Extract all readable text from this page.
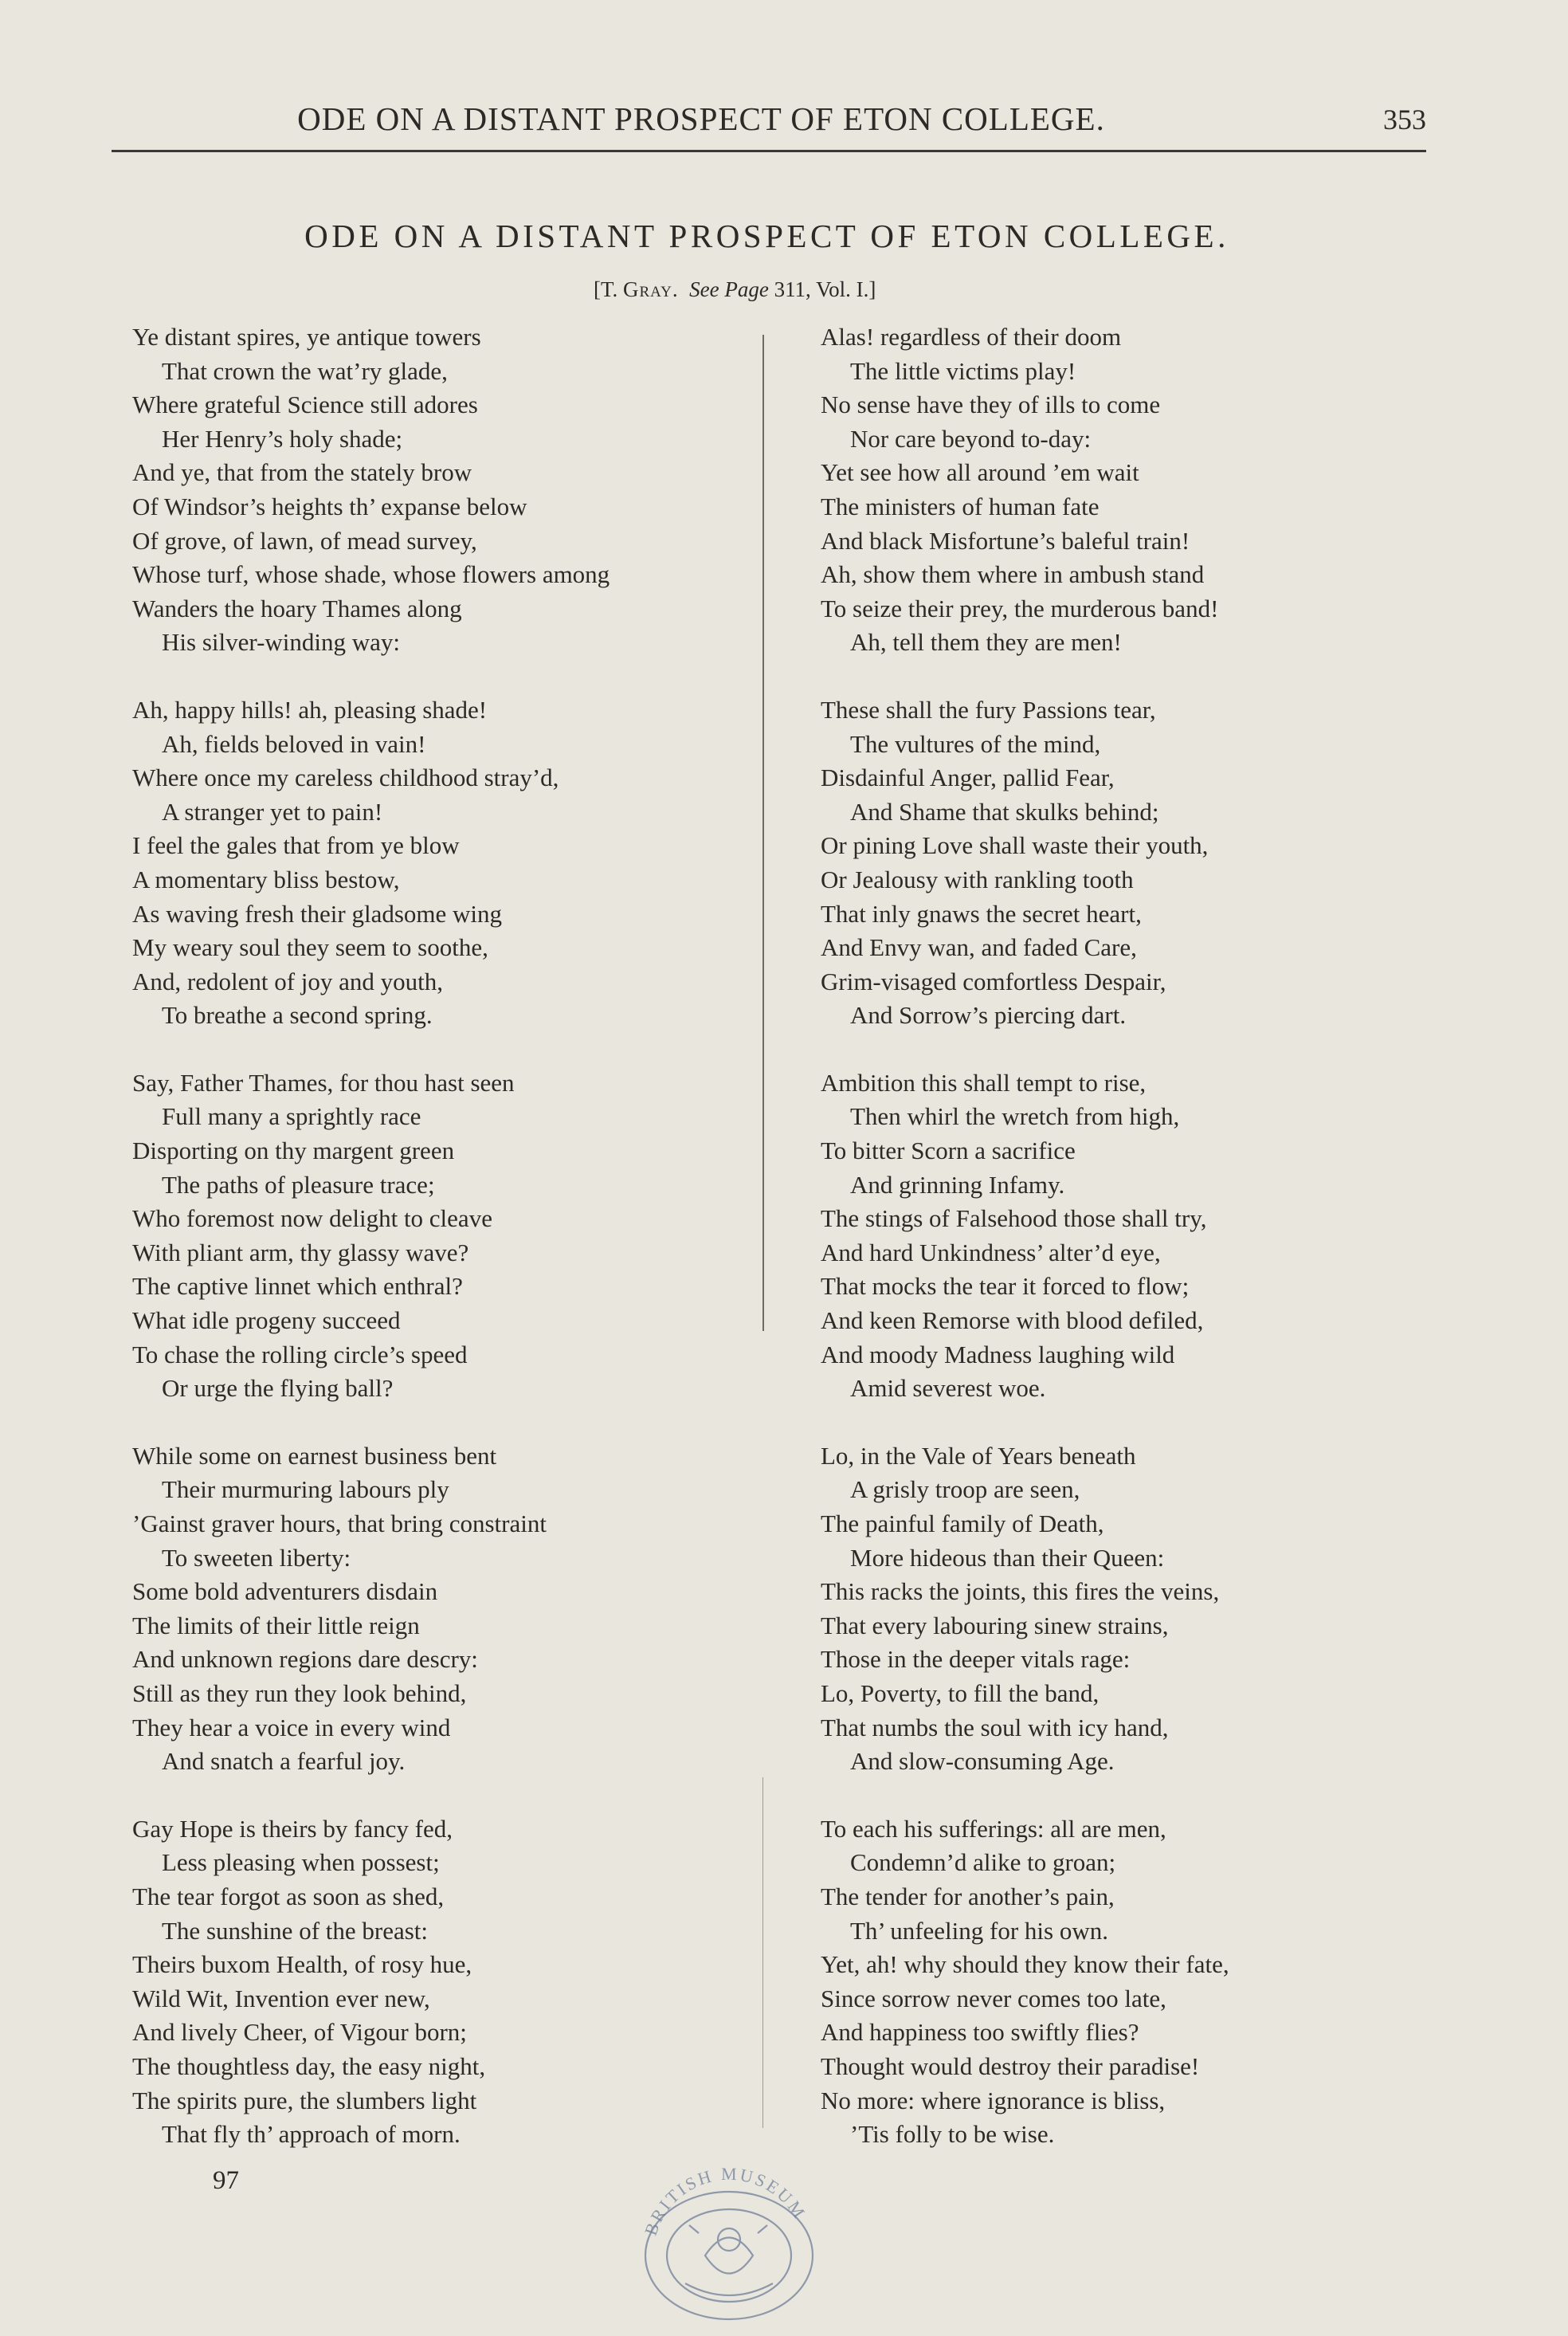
ODE ON A DISTANT PROSPECT OF ETON COLLEGE.	353
ODE ON A DISTANT PROSPECT OF ETON COLLEGE.
[T. Gray. See Page 311, Vol. I.]
Ye distant spires, ye antique towers
That crown the wat’ry glade,
Where grateful Science still adores
Her Henry’s holy shade;
And ye, that from the stately brow
Of Windsor’s heights th’ expanse below
Of grove, of lawn, of mead survey,
Whose turf, whose shade, whose flowers among
Wanders the hoary Thames along
His silver-winding way:
Ah, happy hills! ah, pleasing shade!
Ah, fields beloved in vain!
Where once my careless childhood stray’d,
A stranger yet to pain!
I feel the gales that from ye blow
A momentary bliss bestow,
As waving fresh their gladsome wing
My weary soul they seem to soothe,
And, redolent of joy and youth,
To breathe a second spring.
Say, Father Thames, for thou hast seen
Full many a sprightly race
Disporting on thy margent green
The paths of pleasure trace;
Who foremost now delight to cleave
With pliant arm, thy glassy wave?
The captive linnet which enthral?
What idle progeny succeed
To chase the rolling circle’s speed
Or urge the flying ball?
While some on earnest business bent
Their murmuring labours ply
’Gainst graver hours, that bring constraint
To sweeten liberty:
Some bold adventurers disdain
The limits of their little reign
And unknown regions dare descry:
Still as they run they look behind,
They hear a voice in every wind
And snatch a fearful joy.
Gay Hope is theirs by fancy fed,
Less pleasing when possest;
The tear forgot as soon as shed,
The sunshine of the breast:
Theirs buxom Health, of rosy hue,
Wild Wit, Invention ever new,
And lively Cheer, of Vigour born;
The thoughtless day, the easy night,
The spirits pure, the slumbers light
That fly th’ approach of morn.
Alas! regardless of their doom
The little victims play!
No sense have they of ills to come
Nor care beyond to-day:
Yet see how all around ’em wait
The ministers of human fate
And black Misfortune’s baleful train!
Ah, show them where in ambush stand
To seize their prey, the murderous band!
Ah, tell them they are men!
These shall the fury Passions tear,
The vultures of the mind,
Disdainful Anger, pallid Fear,
And Shame that skulks behind;
Or pining Love shall waste their youth,
Or Jealousy with rankling tooth
That inly gnaws the secret heart,
And Envy wan, and faded Care,
Grim-visaged comfortless Despair,
And Sorrow’s piercing dart.
Ambition this shall tempt to rise,
Then whirl the wretch from high,
To bitter Scorn a sacrifice
And grinning Infamy.
The stings of Falsehood those shall try,
And hard Unkindness’ alter’d eye,
That mocks the tear it forced to flow;
And keen Remorse with blood defiled,
And moody Madness laughing wild
Amid severest woe.
Lo, in the Vale of Years beneath
A grisly troop are seen,
The painful family of Death,
More hideous than their Queen:
This racks the joints, this fires the veins,
That every labouring sinew strains,
Those in the deeper vitals rage:
Lo, Poverty, to fill the band,
That numbs the soul with icy hand,
And slow-consuming Age.
To each his sufferings: all are men,
Condemn’d alike to groan;
The tender for another’s pain,
Th’ unfeeling for his own.
Yet, ah! why should they know their fate,
Since sorrow never comes too late,
And happiness too swiftly flies?
Thought would destroy their paradise!
No more: where ignorance is bliss,
’Tis folly to be wise.
97
BRITISH MUSEUM
